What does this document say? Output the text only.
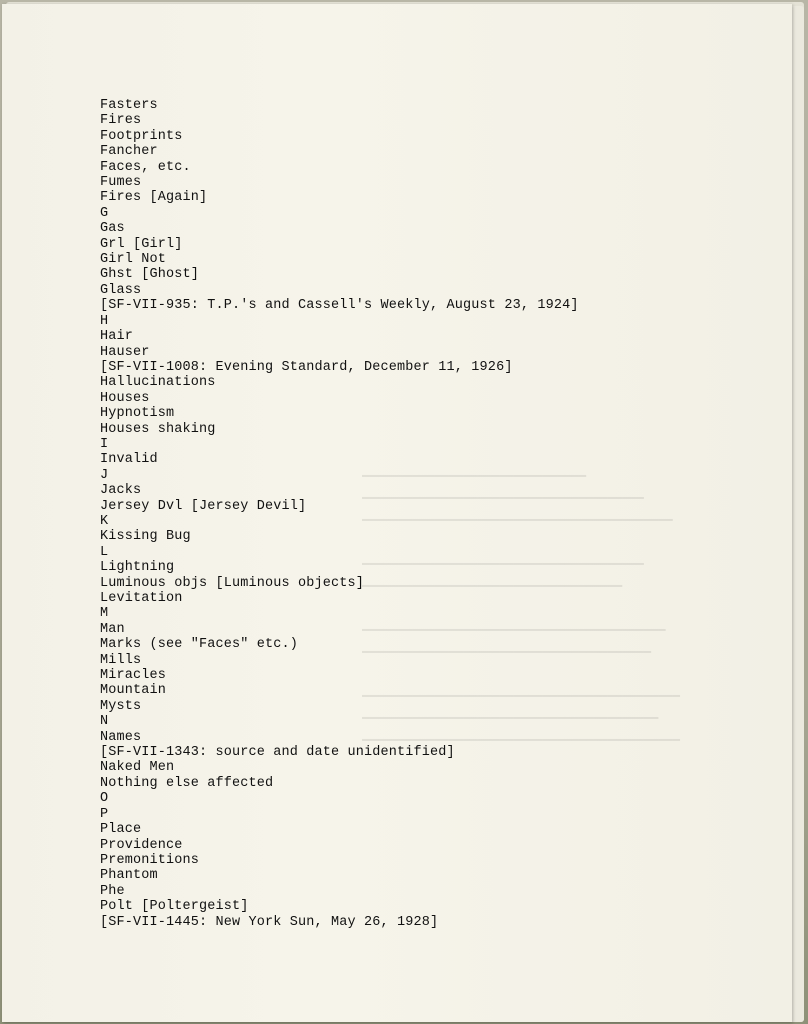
━━━━━━━━━━━━━━━━━━━━━━━━━━━━━━━
━━━━━━━━━━━━━━━━━━━━━━━━━━━━━━━━━━━━━━━
━━━━━━━━━━━━━━━━━━━━━━━━━━━━━━━━━━━━━━━━━━━

━━━━━━━━━━━━━━━━━━━━━━━━━━━━━━━━━━━━━━━
━━━━━━━━━━━━━━━━━━━━━━━━━━━━━━━━━━━━

━━━━━━━━━━━━━━━━━━━━━━━━━━━━━━━━━━━━━━━━━━
━━━━━━━━━━━━━━━━━━━━━━━━━━━━━━━━━━━━━━━━

━━━━━━━━━━━━━━━━━━━━━━━━━━━━━━━━━━━━━━━━━━━━
━━━━━━━━━━━━━━━━━━━━━━━━━━━━━━━━━━━━━━━━━
━━━━━━━━━━━━━━━━━━━━━━━━━━━━━━━━━━━━━━━━━━━━

Fasters
Fires
Footprints
Fancher
Faces, etc.
Fumes
Fires [Again]
G
Gas
Grl [Girl]
Girl Not
Ghst [Ghost]
Glass
[SF-VII-935: T.P.'s and Cassell's Weekly, August 23, 1924]
H
Hair
Hauser
[SF-VII-1008: Evening Standard, December 11, 1926]
Hallucinations
Houses
Hypnotism
Houses shaking
I
Invalid
J
Jacks
Jersey Dvl [Jersey Devil]
K
Kissing Bug
L
Lightning
Luminous objs [Luminous objects]
Levitation
M
Man
Marks (see "Faces" etc.)
Mills
Miracles
Mountain
Mysts
N
Names
[SF-VII-1343: source and date unidentified]
Naked Men
Nothing else affected
O
P
Place
Providence
Premonitions
Phantom
Phe
Polt [Poltergeist]
[SF-VII-1445: New York Sun, May 26, 1928]
